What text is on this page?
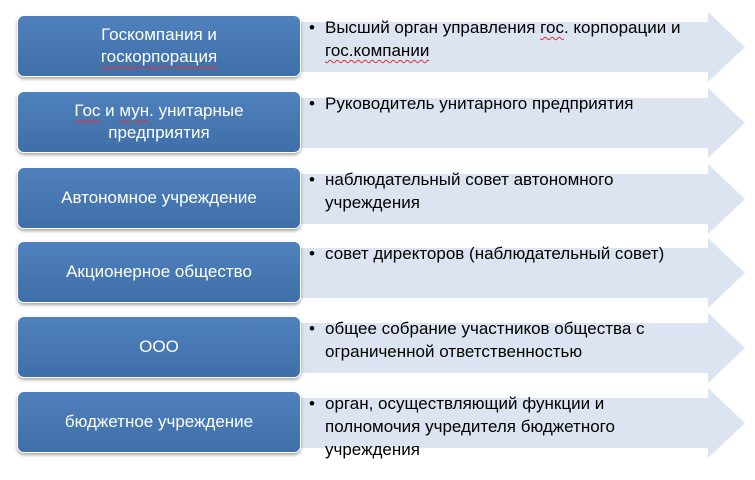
Госкомпания и
госкорпорация
• Высший орган управления гос. корпорации и гос.компании
Гос и мун. унитарные предприятия
• Руководитель унитарного предприятия
Автономное учреждение
• наблюдательный совет автономного учреждения
Акционерное общество
• совет директоров (наблюдательный совет)
ООО
• общее собрание участников общества с ограниченной ответственностью
бюджетное учреждение
• орган, осуществляющий функции и полномочия учредителя бюджетного учреждения
